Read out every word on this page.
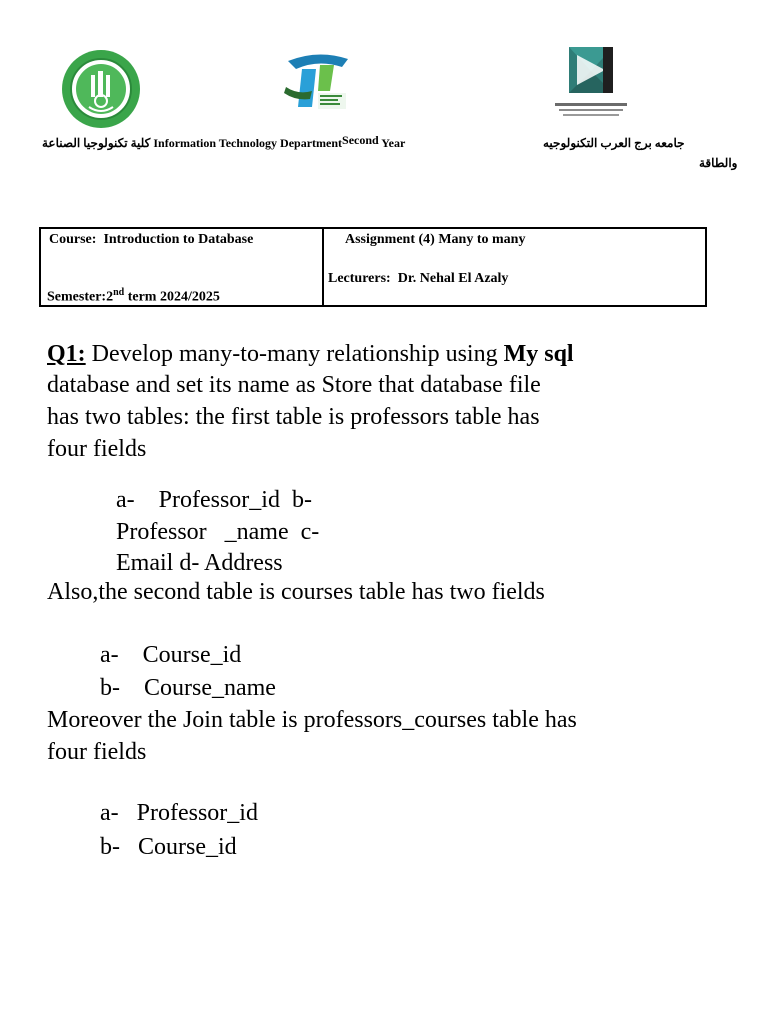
كلية تكنولوجيا الصناعة Information Technology Department$^{Second}$ Year	جامعه برج العرب التكنولوجيه
والطاقة
Course: Introduction to Database
Semester:2nd term 2024/2025
Assignment (4) Many to many
Lecturers: Dr. Nehal El Azaly
Q1: Develop many-to-many relationship using My sql
database and set its name as Store that database file
has two tables: the first table is professors table has
four fields
a-    Professor_id  b-
Professor   _name  c-
Email d- Address
Also,the second table is courses table has two fields
a-    Course_id
b-    Course_name
Moreover the Join table is professors_courses table has
four fields
a-   Professor_id
b-   Course_id
